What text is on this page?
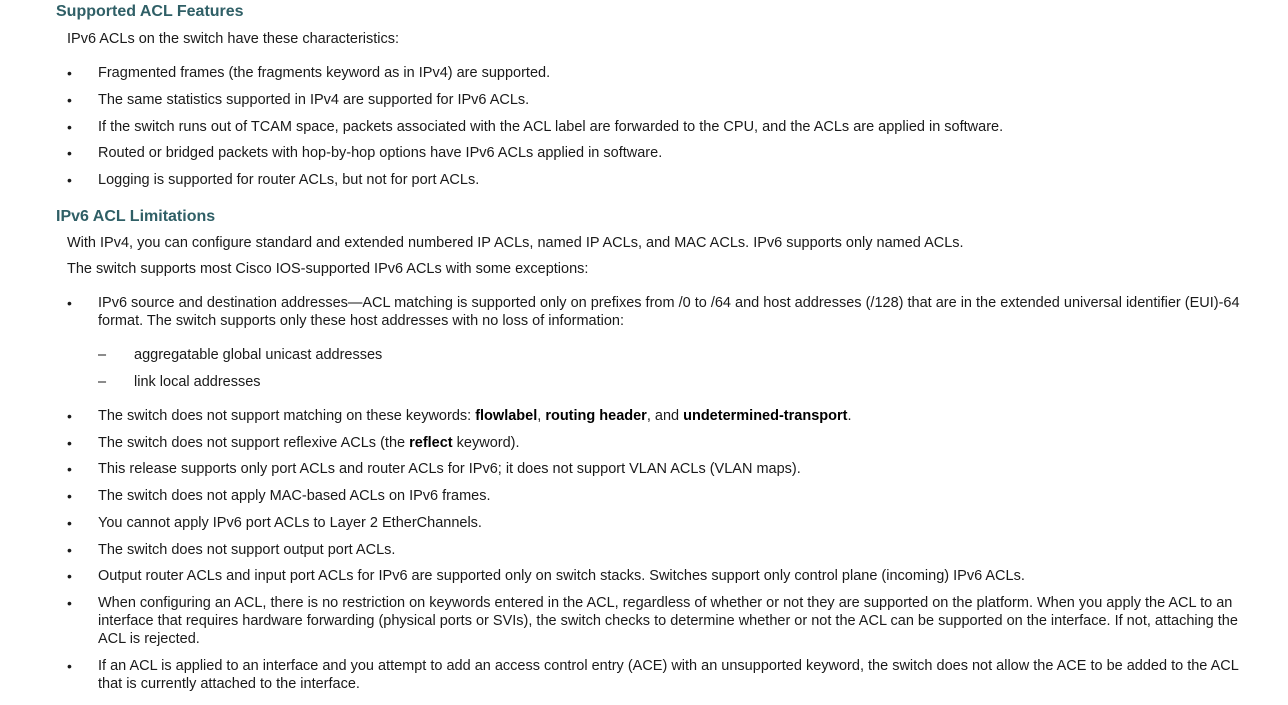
Supported ACL Features

IPv6 ACLs on the switch have these characteristics:

•	Fragmented frames (the fragments keyword as in IPv4) are supported.
•	The same statistics supported in IPv4 are supported for IPv6 ACLs.
•	If the switch runs out of TCAM space, packets associated with the ACL label are forwarded to the CPU, and the ACLs are applied in software.
•	Routed or bridged packets with hop-by-hop options have IPv6 ACLs applied in software.
•	Logging is supported for router ACLs, but not for port ACLs.
IPv6 ACL Limitations

With IPv4, you can configure standard and extended numbered IP ACLs, named IP ACLs, and MAC ACLs. IPv6 supports only named ACLs.

The switch supports most Cisco IOS-supported IPv6 ACLs with some exceptions:

•	IPv6 source and destination addresses—ACL matching is supported only on prefixes from /0 to /64 and host addresses (/128) that are in the extended universal identifier (EUI)-64 format. The switch supports only these host addresses with no loss of information:
– aggregatable global unicast addresses
– link local addresses
•	The switch does not support matching on these keywords: flowlabel, routing header, and undetermined-transport.
•	The switch does not support reflexive ACLs (the reflect keyword).
•	This release supports only port ACLs and router ACLs for IPv6; it does not support VLAN ACLs (VLAN maps).
•	The switch does not apply MAC-based ACLs on IPv6 frames.
•	You cannot apply IPv6 port ACLs to Layer 2 EtherChannels.
•	The switch does not support output port ACLs.
•	Output router ACLs and input port ACLs for IPv6 are supported only on switch stacks. Switches support only control plane (incoming) IPv6 ACLs.
•	When configuring an ACL, there is no restriction on keywords entered in the ACL, regardless of whether or not they are supported on the platform. When you apply the ACL to an interface that requires hardware forwarding (physical ports or SVIs), the switch checks to determine whether or not the ACL can be supported on the interface. If not, attaching the ACL is rejected.
•	If an ACL is applied to an interface and you attempt to add an access control entry (ACE) with an unsupported keyword, the switch does not allow the ACE to be added to the ACL that is currently attached to the interface.
